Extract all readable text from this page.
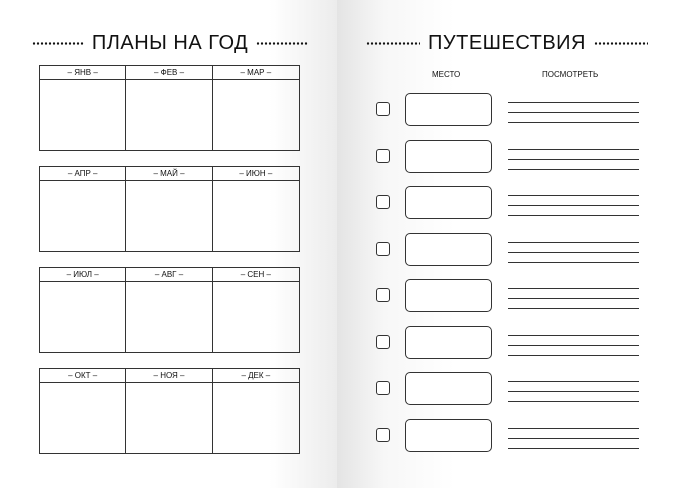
ПЛАНЫ НА ГОД
– ЯНВ –	– ФЕВ –	– МАР –
– АПР –	– МАЙ –	– ИЮН –
– ИЮЛ –	– АВГ –	– СЕН –
– ОКТ –	– НОЯ –	– ДЕК –
ПУТЕШЕСТВИЯ
МЕСТО	ПОСМОТРЕТЬ
